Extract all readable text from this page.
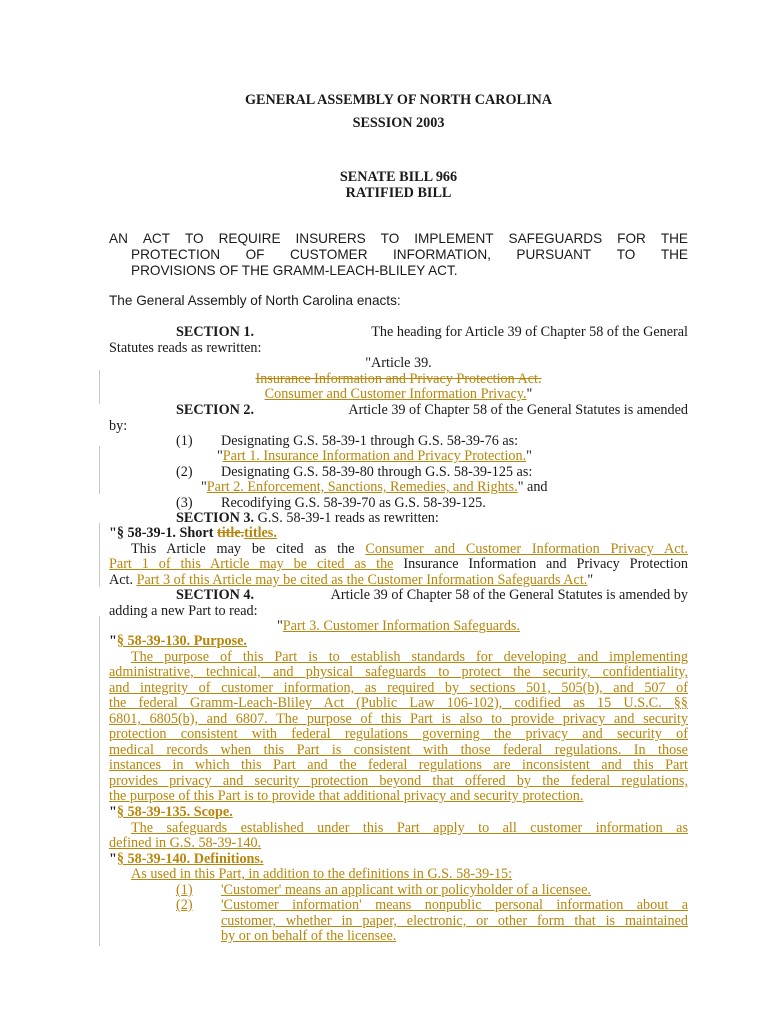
GENERAL ASSEMBLY OF NORTH CAROLINA

SESSION 2003

SENATE BILL 966

RATIFIED BILL

AN ACT TO REQUIRE INSURERS TO IMPLEMENT SAFEGUARDS FOR THE

PROTECTION OF CUSTOMER INFORMATION, PURSUANT TO THE

PROVISIONS OF THE GRAMM-LEACH-BLILEY ACT.

The General Assembly of North Carolina enacts:

SECTION 1.	The heading for Article 39 of Chapter 58 of the General

Statutes reads as rewritten:

"Article 39.

Insurance Information and Privacy Protection Act.

Consumer and Customer Information Privacy."

SECTION 2.	Article 39 of Chapter 58 of the General Statutes is amended

by:

(1)	Designating G.S. 58-39-1 through G.S. 58-39-76 as:

"Part 1. Insurance Information and Privacy Protection."

(2)	Designating G.S. 58-39-80 through G.S. 58-39-125 as:

"Part 2. Enforcement, Sanctions, Remedies, and Rights." and

(3)	Recodifying G.S. 58-39-70 as G.S. 58-39-125.

SECTION 3. G.S. 58-39-1 reads as rewritten:

"§ 58-39-1. Short title.titles.

This Article may be cited as the Consumer and Customer Information Privacy Act.

Part 1 of this Article may be cited as the Insurance Information and Privacy Protection

Act. Part 3 of this Article may be cited as the Customer Information Safeguards Act."

SECTION 4.	Article 39 of Chapter 58 of the General Statutes is amended by

adding a new Part to read:

"Part 3. Customer Information Safeguards.

"§ 58-39-130. Purpose.

The purpose of this Part is to establish standards for developing and implementing

administrative, technical, and physical safeguards to protect the security, confidentiality,

and integrity of customer information, as required by sections 501, 505(b), and 507 of

the federal Gramm-Leach-Bliley Act (Public Law 106-102), codified as 15 U.S.C. §§

6801, 6805(b), and 6807. The purpose of this Part is also to provide privacy and security

protection consistent with federal regulations governing the privacy and security of

medical records when this Part is consistent with those federal regulations. In those

instances in which this Part and the federal regulations are inconsistent and this Part

provides privacy and security protection beyond that offered by the federal regulations,

the purpose of this Part is to provide that additional privacy and security protection.

"§ 58-39-135. Scope.

The safeguards established under this Part apply to all customer information as

defined in G.S. 58-39-140.

"§ 58-39-140. Definitions.

As used in this Part, in addition to the definitions in G.S. 58-39-15:

(1)	'Customer' means an applicant with or policyholder of a licensee.

(2)	'Customer information' means nonpublic personal information about a

customer, whether in paper, electronic, or other form that is maintained

by or on behalf of the licensee.
